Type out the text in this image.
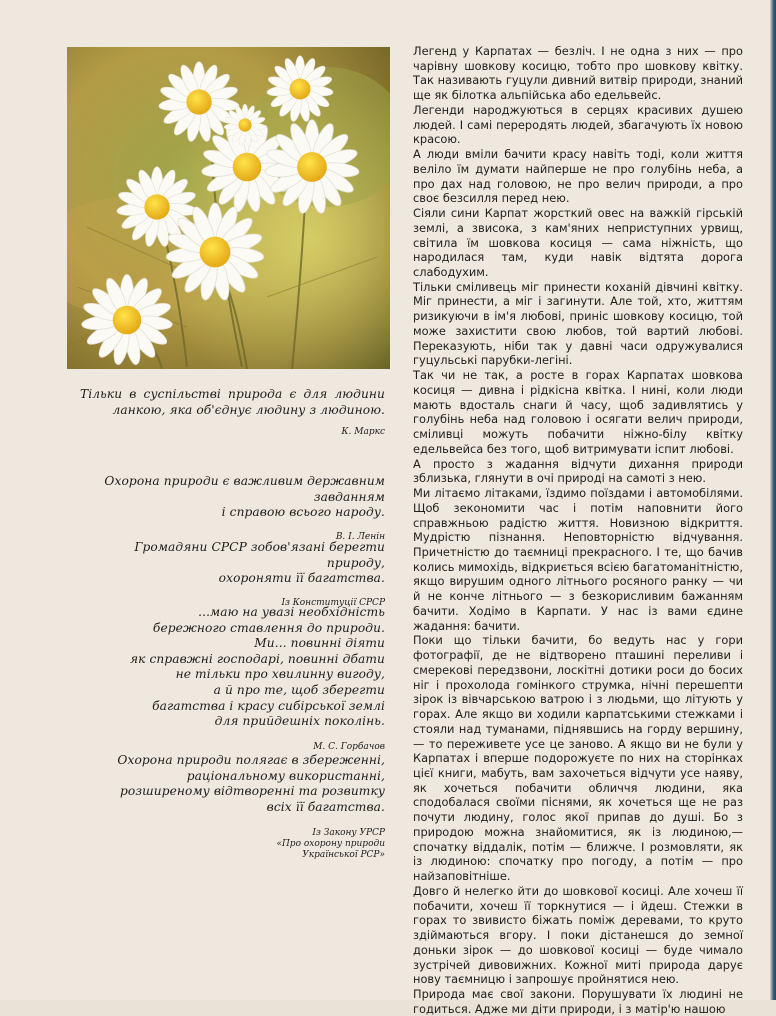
Тільки в суспільстві природа є для людини ланкою, яка об'єднує людину з людиною.
К. Маркс
Охорона природи є важливим державним завданням
і справою всього народу.
В. І. Ленін
Громадяни СРСР зобов'язані берегти природу,
охороняти її багатства.
Із Конституції СРСР
...маю на увазі необхідність
бережного ставлення до природи.
Ми... повинні діяти
як справжні господарі, повинні дбати
не тільки про хвилинну вигоду,
а й про те, щоб зберегти
багатства і красу сибірської землі
для прийдешніх поколінь.
М. С. Горбачов
Охорона природи полягає в збереженні,
раціональному використанні,
розширеному відтворенні та розвитку
всіх її багатства.
Із Закону УРСР
«Про охорону природи
Української РСР»

Легенд у Карпатах — безліч. І не одна з них — про чарівну шовкову косицю, тобто про шовкову квітку. Так називають гуцули дивний витвір природи, знаний ще як білотка альпійська або едельвейс.

Легенди народжуються в серцях красивих душею людей. І самі переродять людей, збагачують їх новою красою.

А люди вміли бачити красу навіть тоді, коли життя веліло їм думати найперше не про голубінь неба, а про дах над головою, не про велич природи, а про своє безсилля перед нею.

Сіяли сини Карпат жорсткий овес на важкій гірській землі, а звисока, з кам'яних неприступних урвищ, світила їм шовкова косиця — сама ніжність, що народилася там, куди навік відтята дорога слабодухим.

Тільки сміливець міг принести коханій дівчині квітку. Міг принести, а міг і загинути. Але той, хто, життям ризикуючи в ім'я любові, приніс шовкову косицю, той може захистити свою любов, той вартий любові. Переказують, ніби так у давні часи одружувалися гуцульські парубки-легіні.

Так чи не так, а росте в горах Карпатах шовкова косиця — дивна і рідкісна квітка. І нині, коли люди мають вдосталь снаги й часу, щоб задивлятись у голубінь неба над головою і осягати велич природи, сміливці можуть побачити ніжно-білу квітку едельвейса без того, щоб витримувати іспит любові.

А просто з жадання відчути дихання природи зблизька, глянути в очі природі на самоті з нею.

Ми літаємо літаками, їздимо поїздами і автомобілями. Щоб зекономити час і потім наповнити його справжньою радістю життя. Новизною відкриття. Мудрістю пізнання. Неповторністю відчування. Причетністю до таємниці прекрасного. І те, що бачив колись мимохідь, відкриється всією багатоманітністю, якщо вирушим одного літнього росяного ранку — чи й не конче літнього — з безкорисливим бажанням бачити. Ходімо в Карпати. У нас із вами єдине жадання: бачити.

Поки що тільки бачити, бо ведуть нас у гори фотографії, де не відтворено пташині переливи і смерекові передзвони, лоскітні дотики роси до босих ніг і прохолода гомінкого струмка, нічні перешепти зірок із вівчарською ватрою і з людьми, що літують у горах. Але якщо ви ходили карпатськими стежками і стояли над туманами, піднявшись на горду вершину,— то переживете усе це заново. А якщо ви не були у Карпатах і вперше подорожуєте по них на сторінках цієї книги, мабуть, вам захочеться відчути усе наяву, як хочеться побачити обличчя людини, яка сподобалася своїми піснями, як хочеться ще не раз почути людину, голос якої припав до душі. Бо з природою можна знайомитися, як із людиною,— спочатку віддалік, потім — ближче. І розмовляти, як із людиною: спочатку про погоду, а потім — про найзаповітніше.

Довго й нелегко йти до шовкової косиці. Але хочеш її побачити, хочеш її торкнутися — і йдеш. Стежки в горах то звивисто біжать поміж деревами, то круто здіймаються вгору. І поки дістанешся до земної доньки зірок — до шовкової косиці — буде чимало зустрічей дивовижних. Кожної миті природа дарує нову таємницю і запрошує пройнятися нею.

Природа має свої закони. Порушувати їх людині не годиться. Адже ми діти природи, і з матір'ю нашою
